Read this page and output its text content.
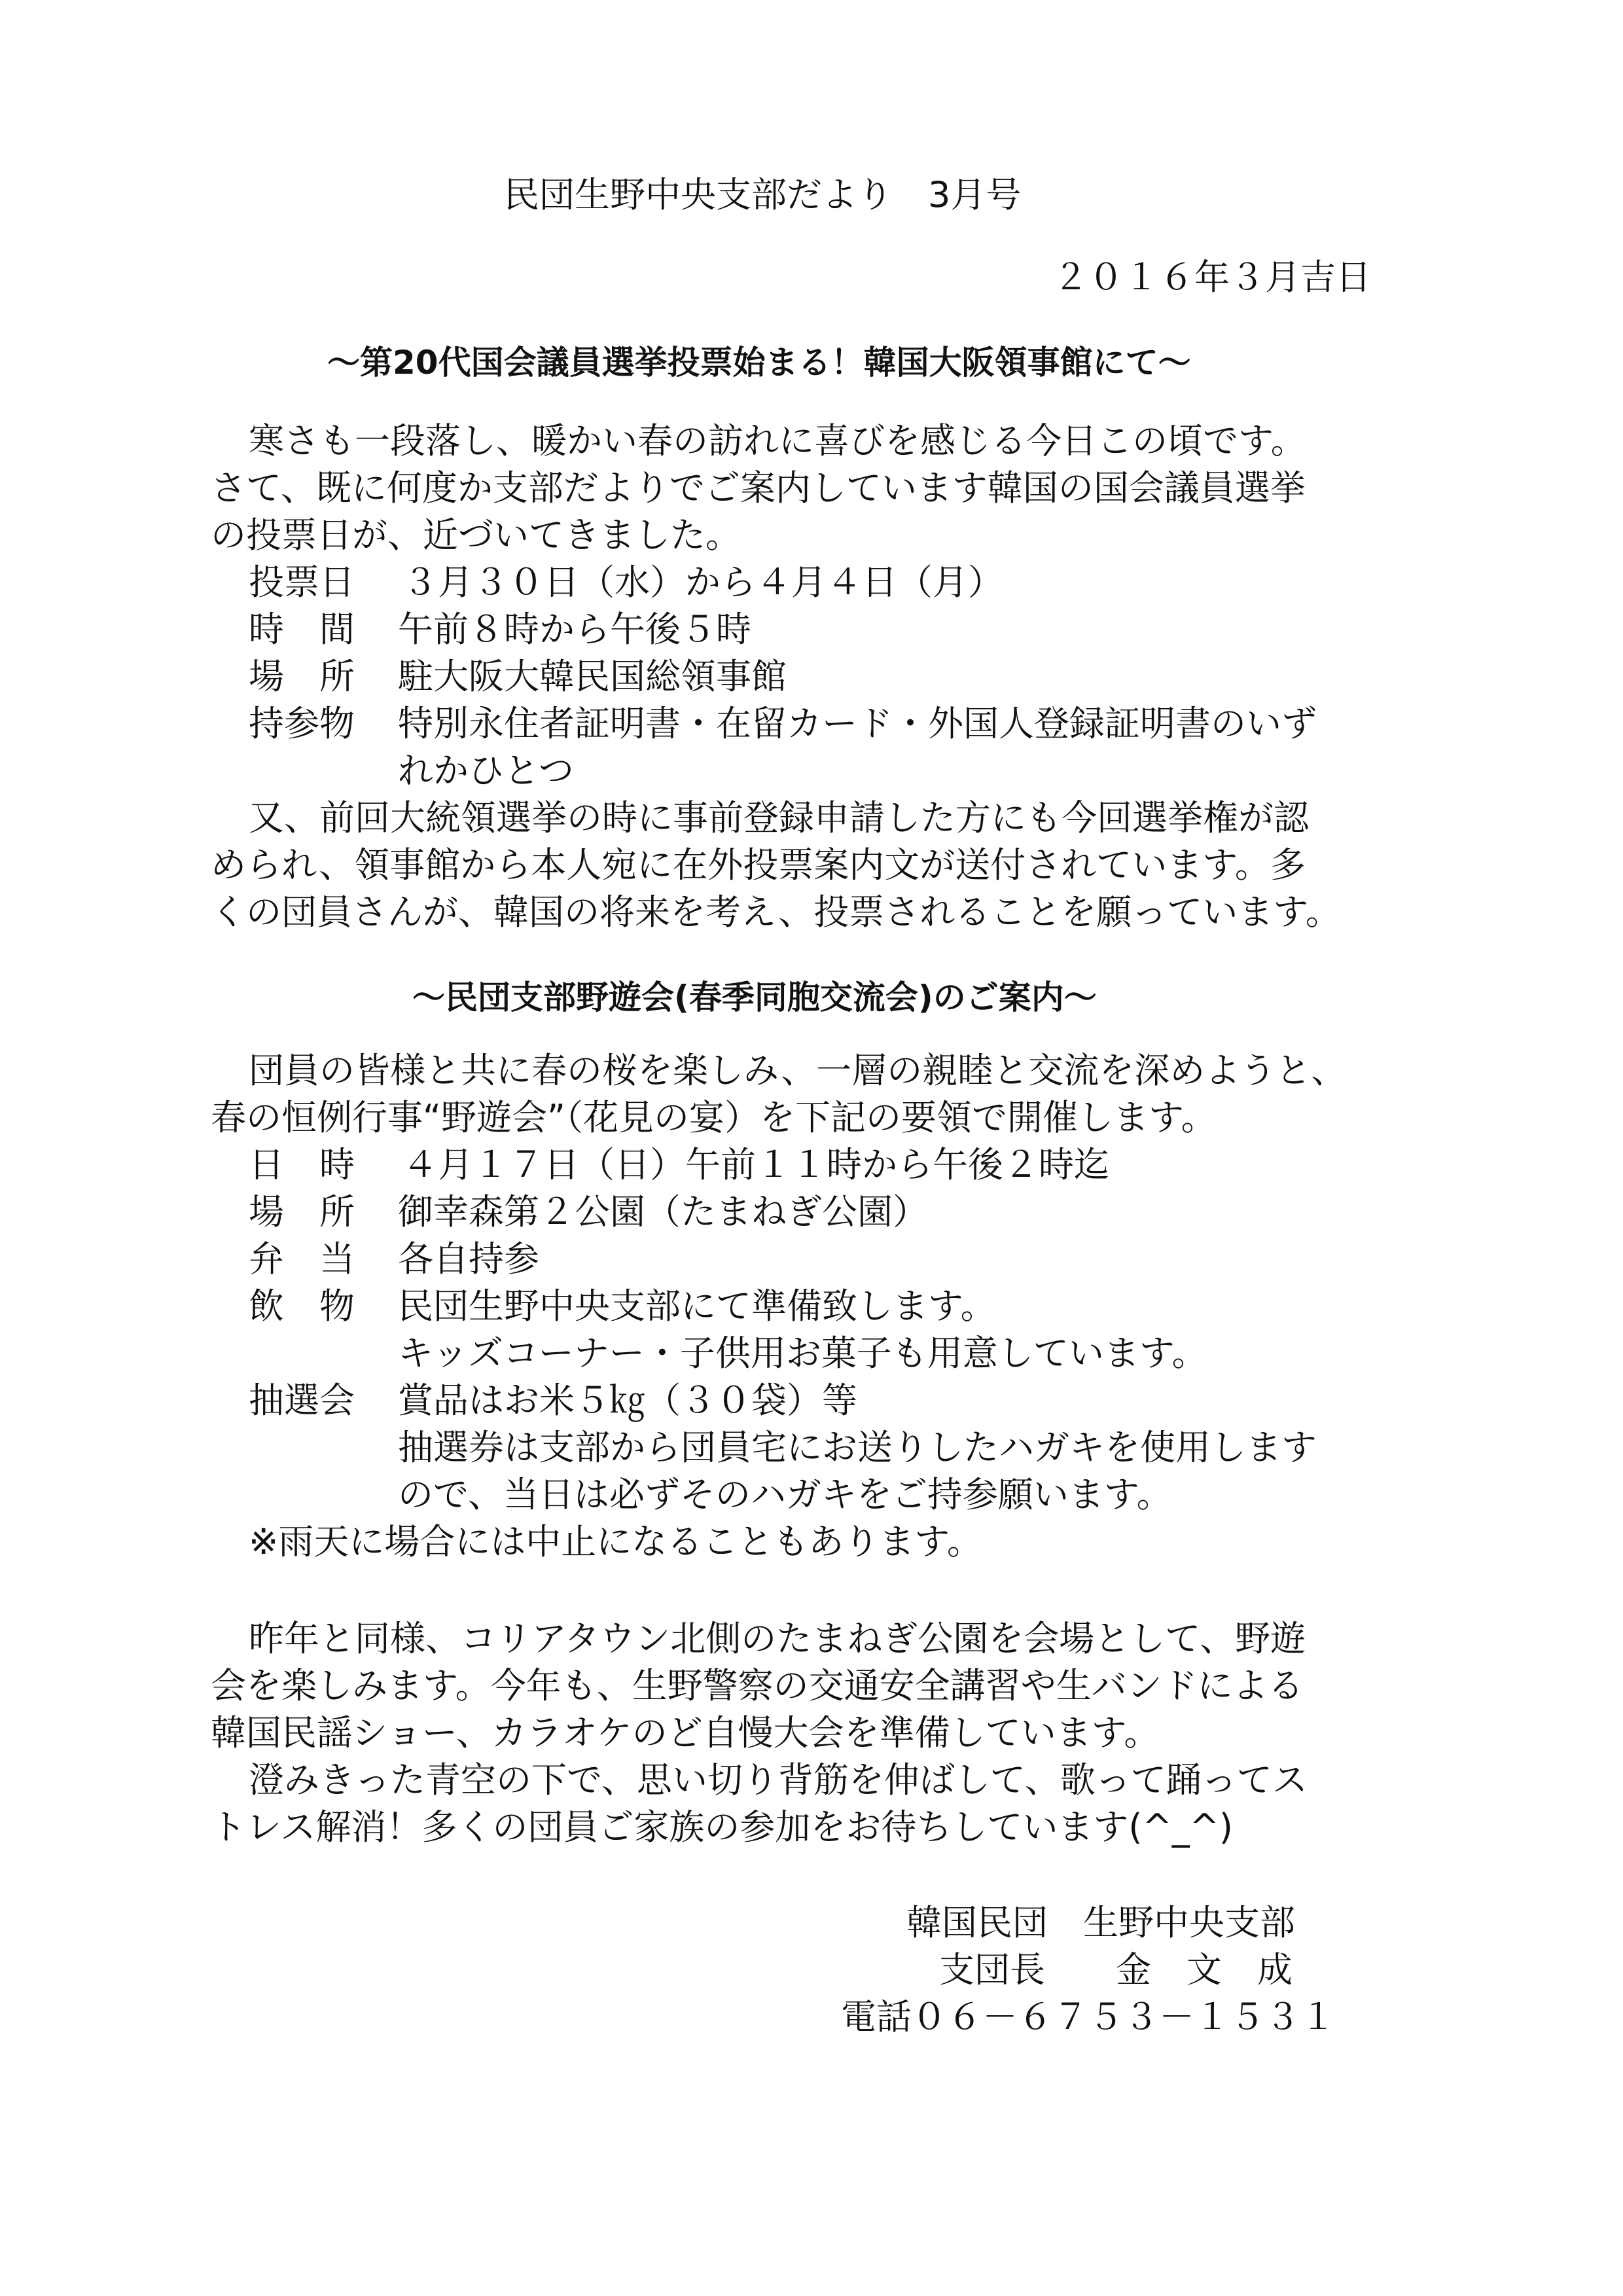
民団生野中央支部だより　3月号
２０１６年３月吉日
～第20代国会議員選挙投票始まる！韓国大阪領事館にて～
寒さも一段落し、暖かい春の訪れに喜びを感じる今日この頃です。
さて、既に何度か支部だよりでご案内しています韓国の国会議員選挙
の投票日が、近づいてきました。
投票日 ３月３０日（水）から４月４日（月）
時　間 午前８時から午後５時
場　所 駐大阪大韓民国総領事館
持参物 特別永住者証明書・在留カード・外国人登録証明書のいず
れかひとつ
又、前回大統領選挙の時に事前登録申請した方にも今回選挙権が認
められ、領事館から本人宛に在外投票案内文が送付されています。多
くの団員さんが、韓国の将来を考え、投票されることを願っています。
～民団支部野遊会(春季同胞交流会)のご案内～
団員の皆様と共に春の桜を楽しみ、一層の親睦と交流を深めようと、
春の恒例行事“野遊会”（花見の宴）を下記の要領で開催します。
日　時 ４月１７日（日）午前１１時から午後２時迄
場　所 御幸森第２公園（たまねぎ公園）
弁　当 各自持参
飲　物 民団生野中央支部にて準備致します。
キッズコーナー・子供用お菓子も用意しています。
抽選会 賞品はお米５㎏（３０袋）等
抽選券は支部から団員宅にお送りしたハガキを使用します
ので、当日は必ずそのハガキをご持参願います。
※雨天に場合には中止になることもあります。
昨年と同様、コリアタウン北側のたまねぎ公園を会場として、野遊
会を楽しみます。今年も、生野警察の交通安全講習や生バンドによる
韓国民謡ショー、カラオケのど自慢大会を準備しています。
澄みきった青空の下で、思い切り背筋を伸ばして、歌って踊ってス
トレス解消！多くの団員ご家族の参加をお待ちしています(^_^)
韓国民団　生野中央支部
支団長　　金　文　成
電話０６－６７５３－１５３１
